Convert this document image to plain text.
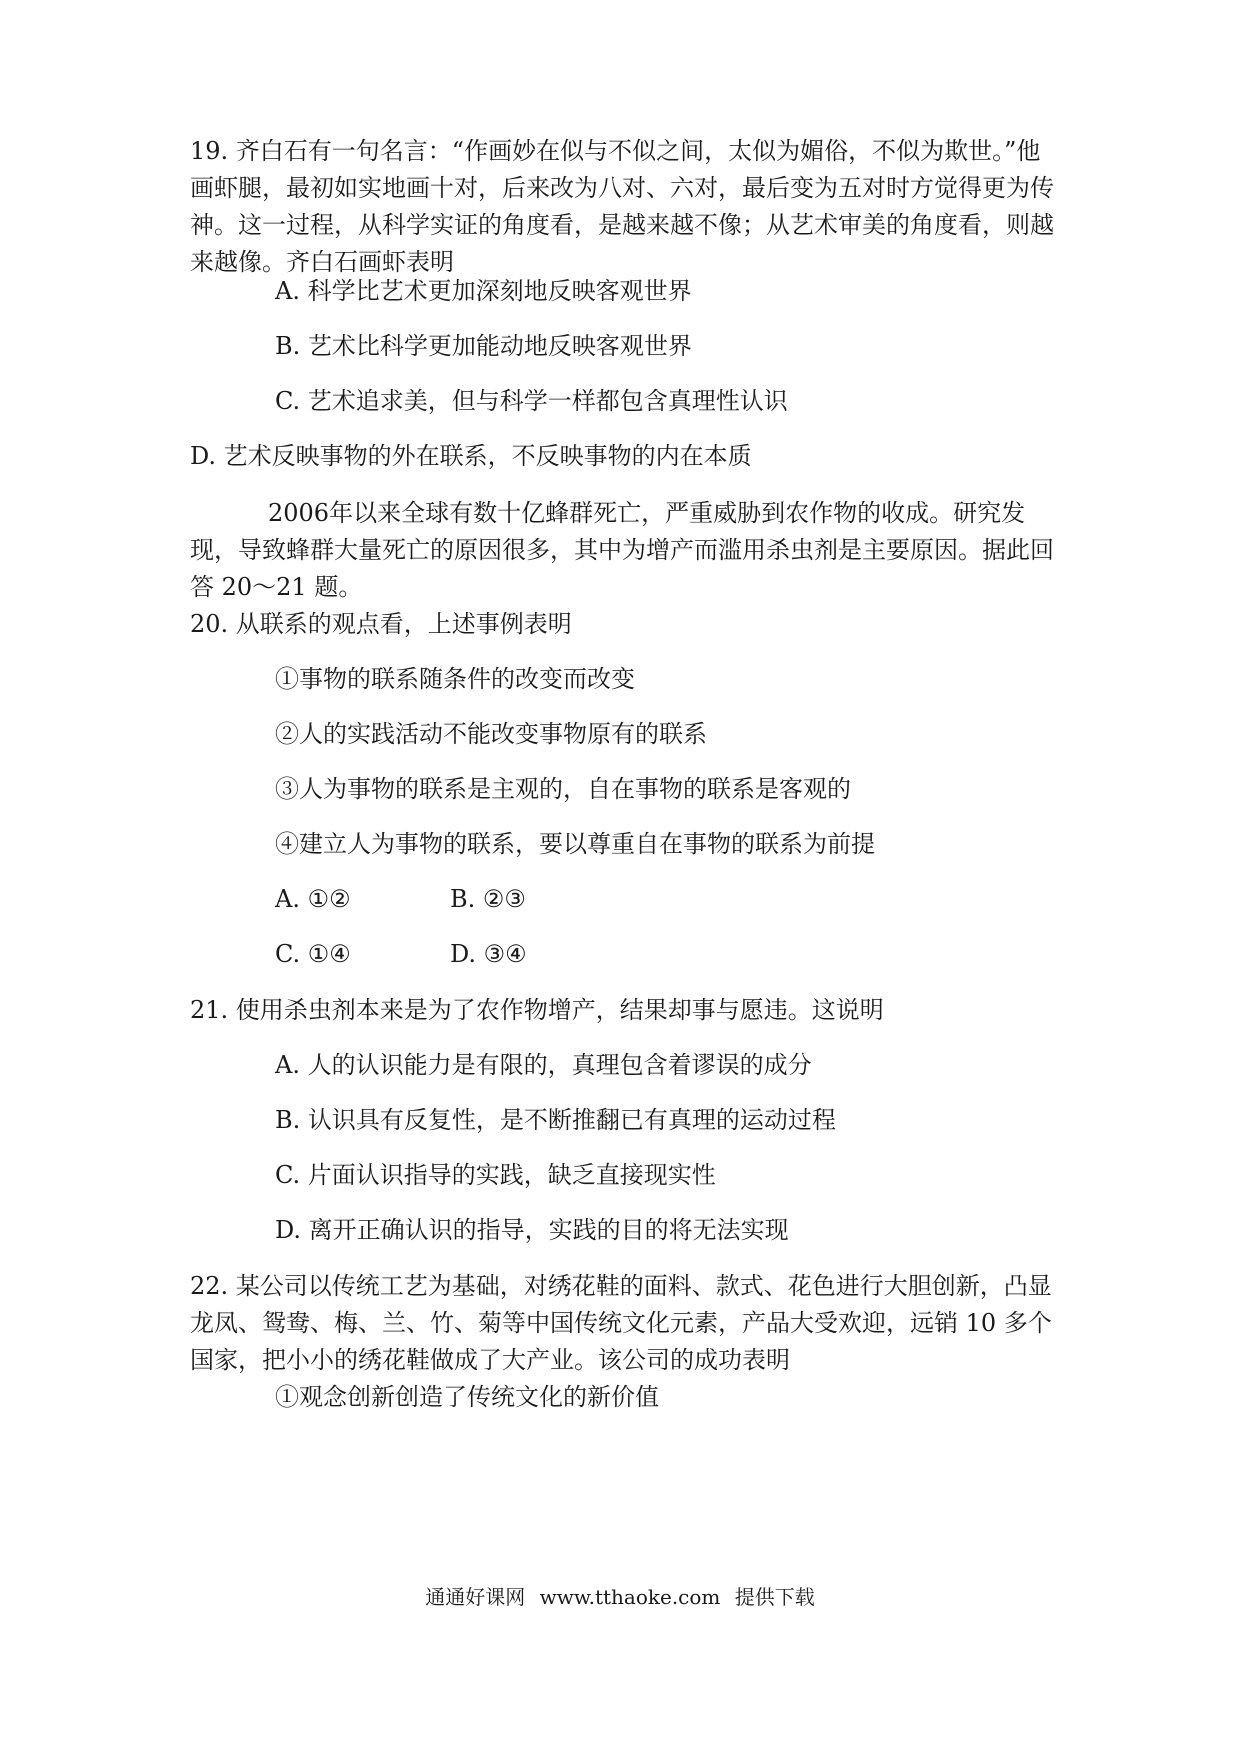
19. 齐白石有一句名言：“作画妙在似与不似之间，太似为媚俗，不似为欺世。”他画虾腿，最初如实地画十对，后来改为八对、六对，最后变为五对时方觉得更为传神。这一过程，从科学实证的角度看，是越来越不像；从艺术审美的角度看，则越来越像。齐白石画虾表明

A. 科学比艺术更加深刻地反映客观世界

B. 艺术比科学更加能动地反映客观世界

C. 艺术追求美，但与科学一样都包含真理性认识

D. 艺术反映事物的外在联系，不反映事物的内在本质

2006年以来全球有数十亿蜂群死亡，严重威胁到农作物的收成。研究发现，导致蜂群大量死亡的原因很多，其中为增产而滥用杀虫剂是主要原因。据此回答 20～21 题。

20. 从联系的观点看，上述事例表明

①事物的联系随条件的改变而改变

②人的实践活动不能改变事物原有的联系

③人为事物的联系是主观的，自在事物的联系是客观的

④建立人为事物的联系，要以尊重自在事物的联系为前提

A. ①②	B. ②③
C. ①④	D. ③④

21. 使用杀虫剂本来是为了农作物增产，结果却事与愿违。这说明

A. 人的认识能力是有限的，真理包含着谬误的成分

B. 认识具有反复性，是不断推翻已有真理的运动过程

C. 片面认识指导的实践，缺乏直接现实性

D. 离开正确认识的指导，实践的目的将无法实现

22. 某公司以传统工艺为基础，对绣花鞋的面料、款式、花色进行大胆创新，凸显龙凤、鸳鸯、梅、兰、竹、菊等中国传统文化元素，产品大受欢迎，远销 10 多个国家，把小小的绣花鞋做成了大产业。该公司的成功表明

①观念创新创造了传统文化的新价值

通通好课网 www.tthaoke.com 提供下载
